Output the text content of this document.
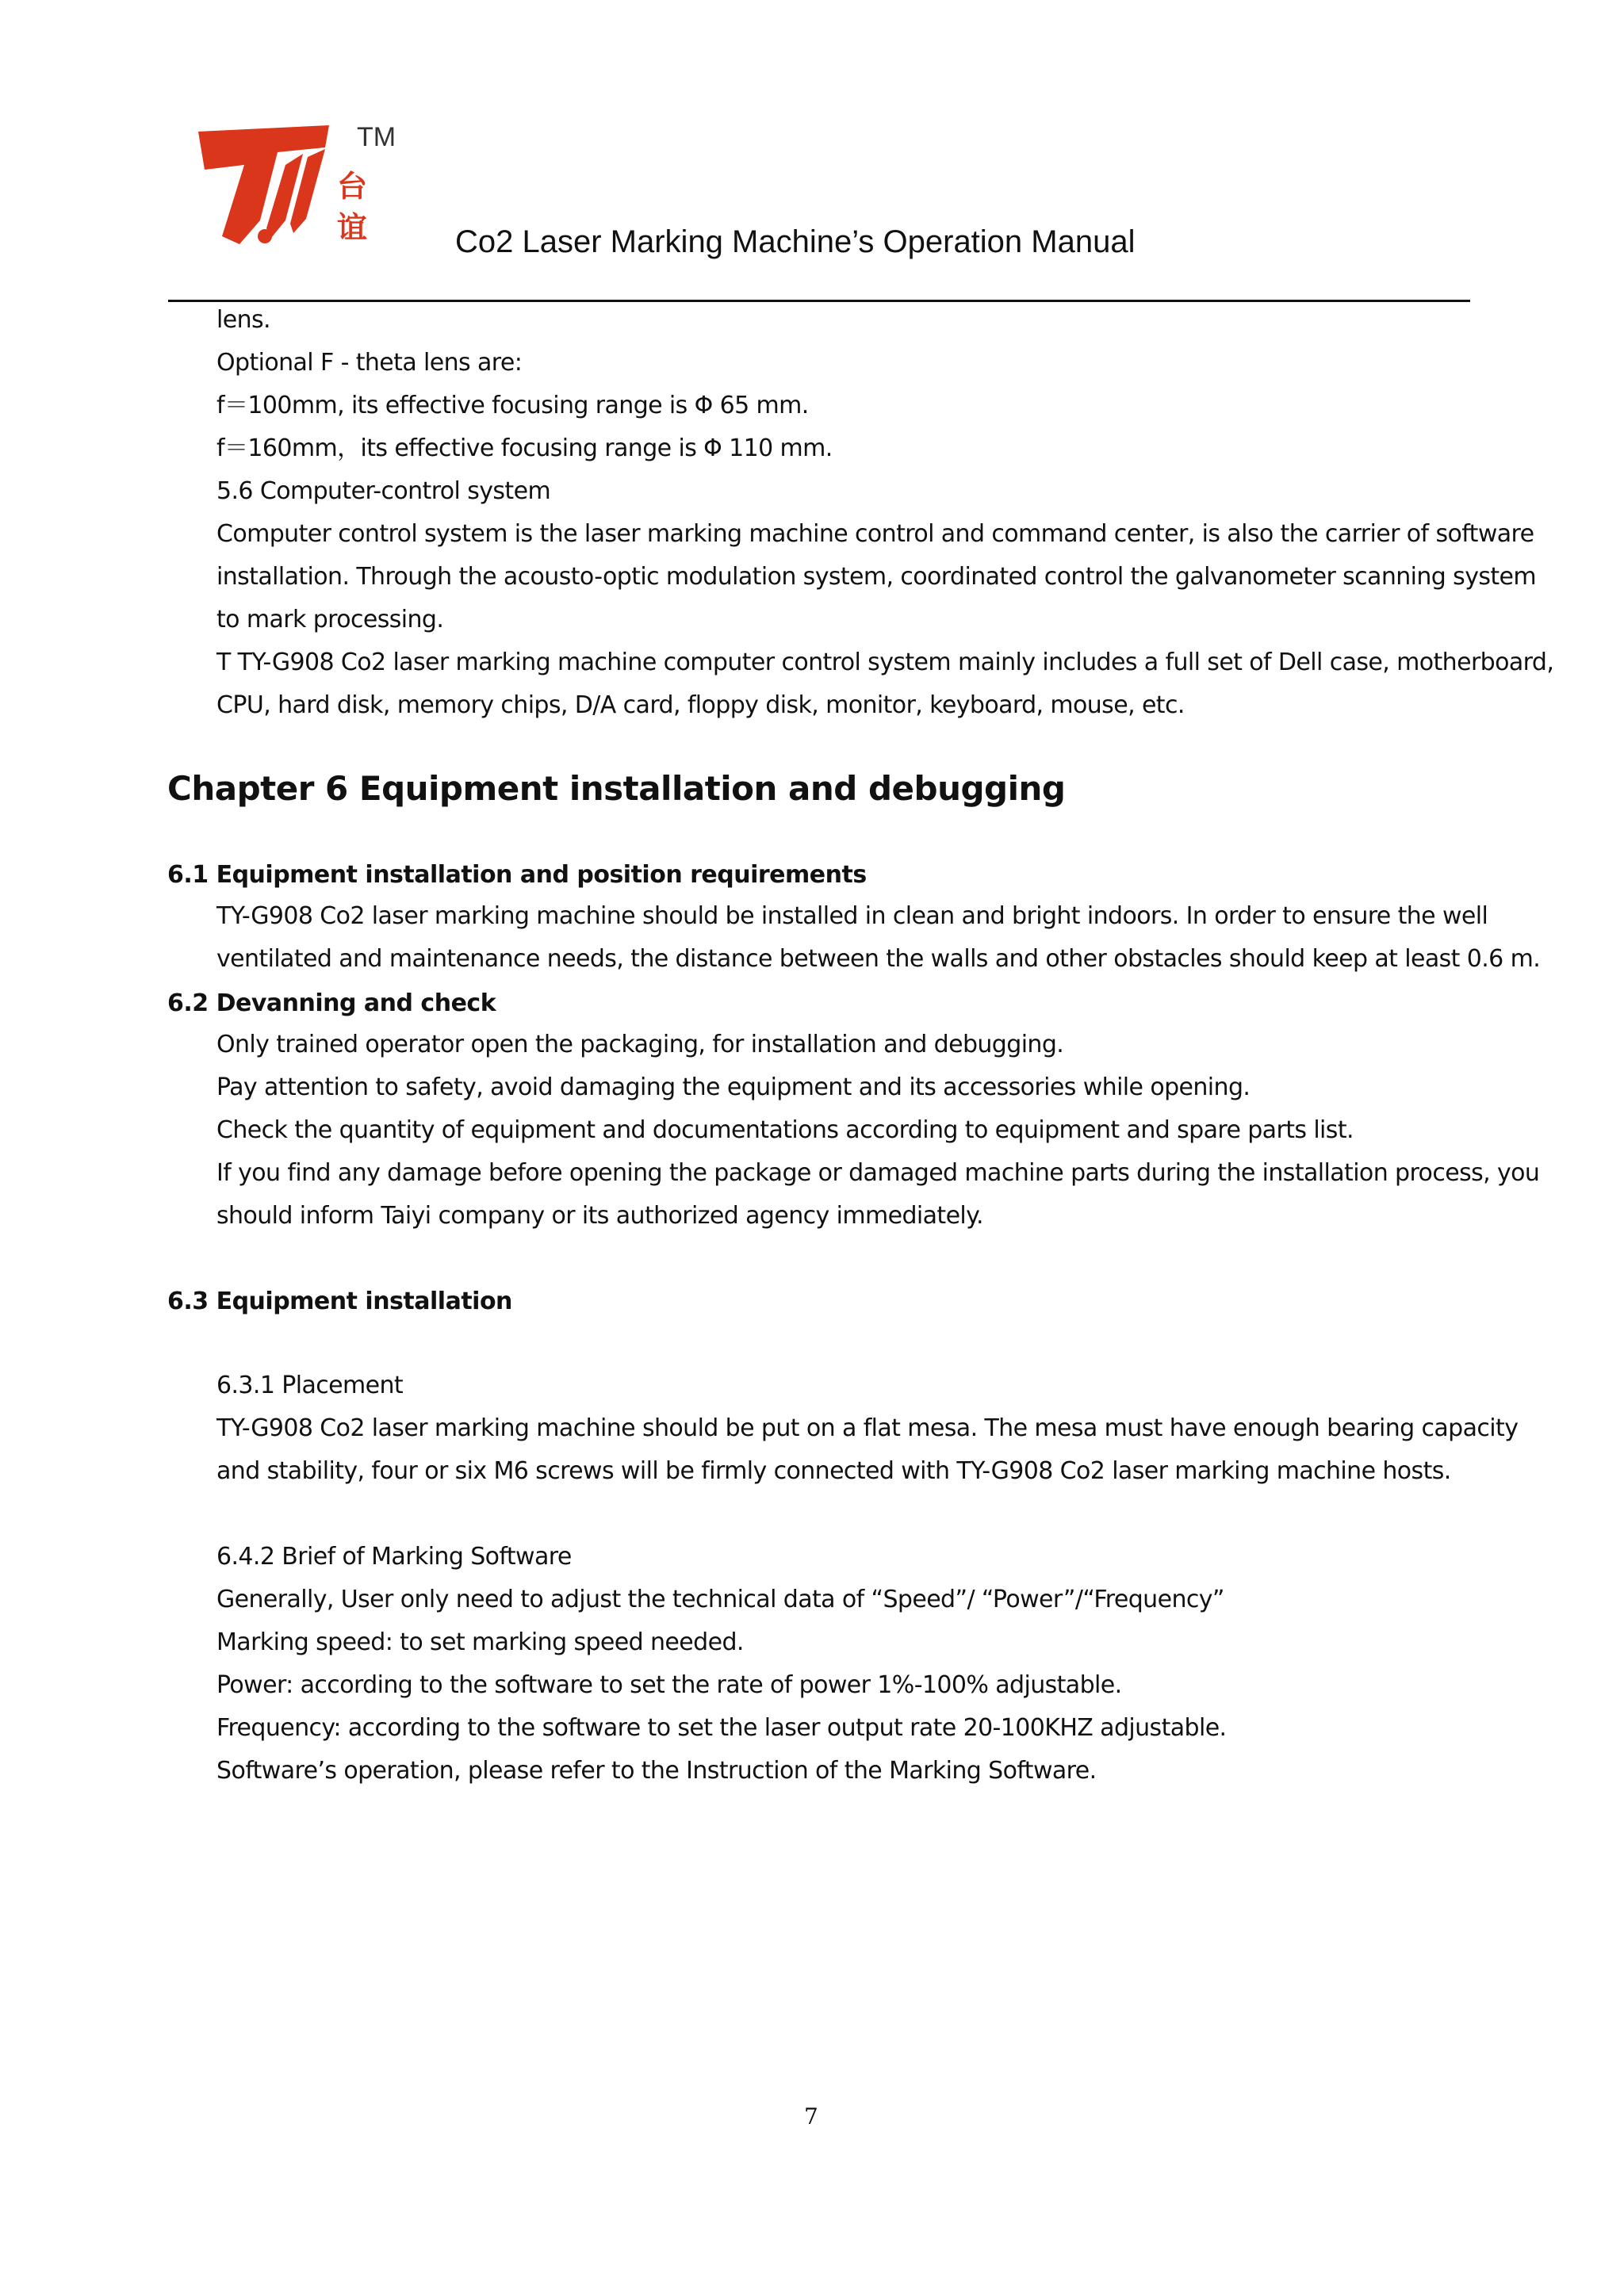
TM
台
谊	Co2 Laser Marking Machine’s Operation Manual
lens.
Optional F - theta lens are:
f＝100mm, its effective focusing range is Φ 65 mm.
f＝160mm，its effective focusing range is Φ 110 mm.
5.6 Computer-control system
Computer control system is the laser marking machine control and command center, is also the carrier of software
installation. Through the acousto-optic modulation system, coordinated control the galvanometer scanning system
to mark processing.
T TY-G908 Co2 laser marking machine computer control system mainly includes a full set of Dell case, motherboard,
CPU, hard disk, memory chips, D/A card, floppy disk, monitor, keyboard, mouse, etc.
Chapter 6 Equipment installation and debugging
6.1 Equipment installation and position requirements
TY-G908 Co2 laser marking machine should be installed in clean and bright indoors. In order to ensure the well
ventilated and maintenance needs, the distance between the walls and other obstacles should keep at least 0.6 m.
6.2 Devanning and check
Only trained operator open the packaging, for installation and debugging.
Pay attention to safety, avoid damaging the equipment and its accessories while opening.
Check the quantity of equipment and documentations according to equipment and spare parts list.
If you find any damage before opening the package or damaged machine parts during the installation process, you
should inform Taiyi company or its authorized agency immediately.
6.3 Equipment installation
6.3.1 Placement
TY-G908 Co2 laser marking machine should be put on a flat mesa. The mesa must have enough bearing capacity
and stability, four or six M6 screws will be firmly connected with TY-G908 Co2 laser marking machine hosts.
6.4.2 Brief of Marking Software
Generally, User only need to adjust the technical data of “Speed”/ “Power”/“Frequency”
Marking speed: to set marking speed needed.
Power: according to the software to set the rate of power 1%-100% adjustable.
Frequency: according to the software to set the laser output rate 20-100KHZ adjustable.
Software’s operation, please refer to the Instruction of the Marking Software.
7
